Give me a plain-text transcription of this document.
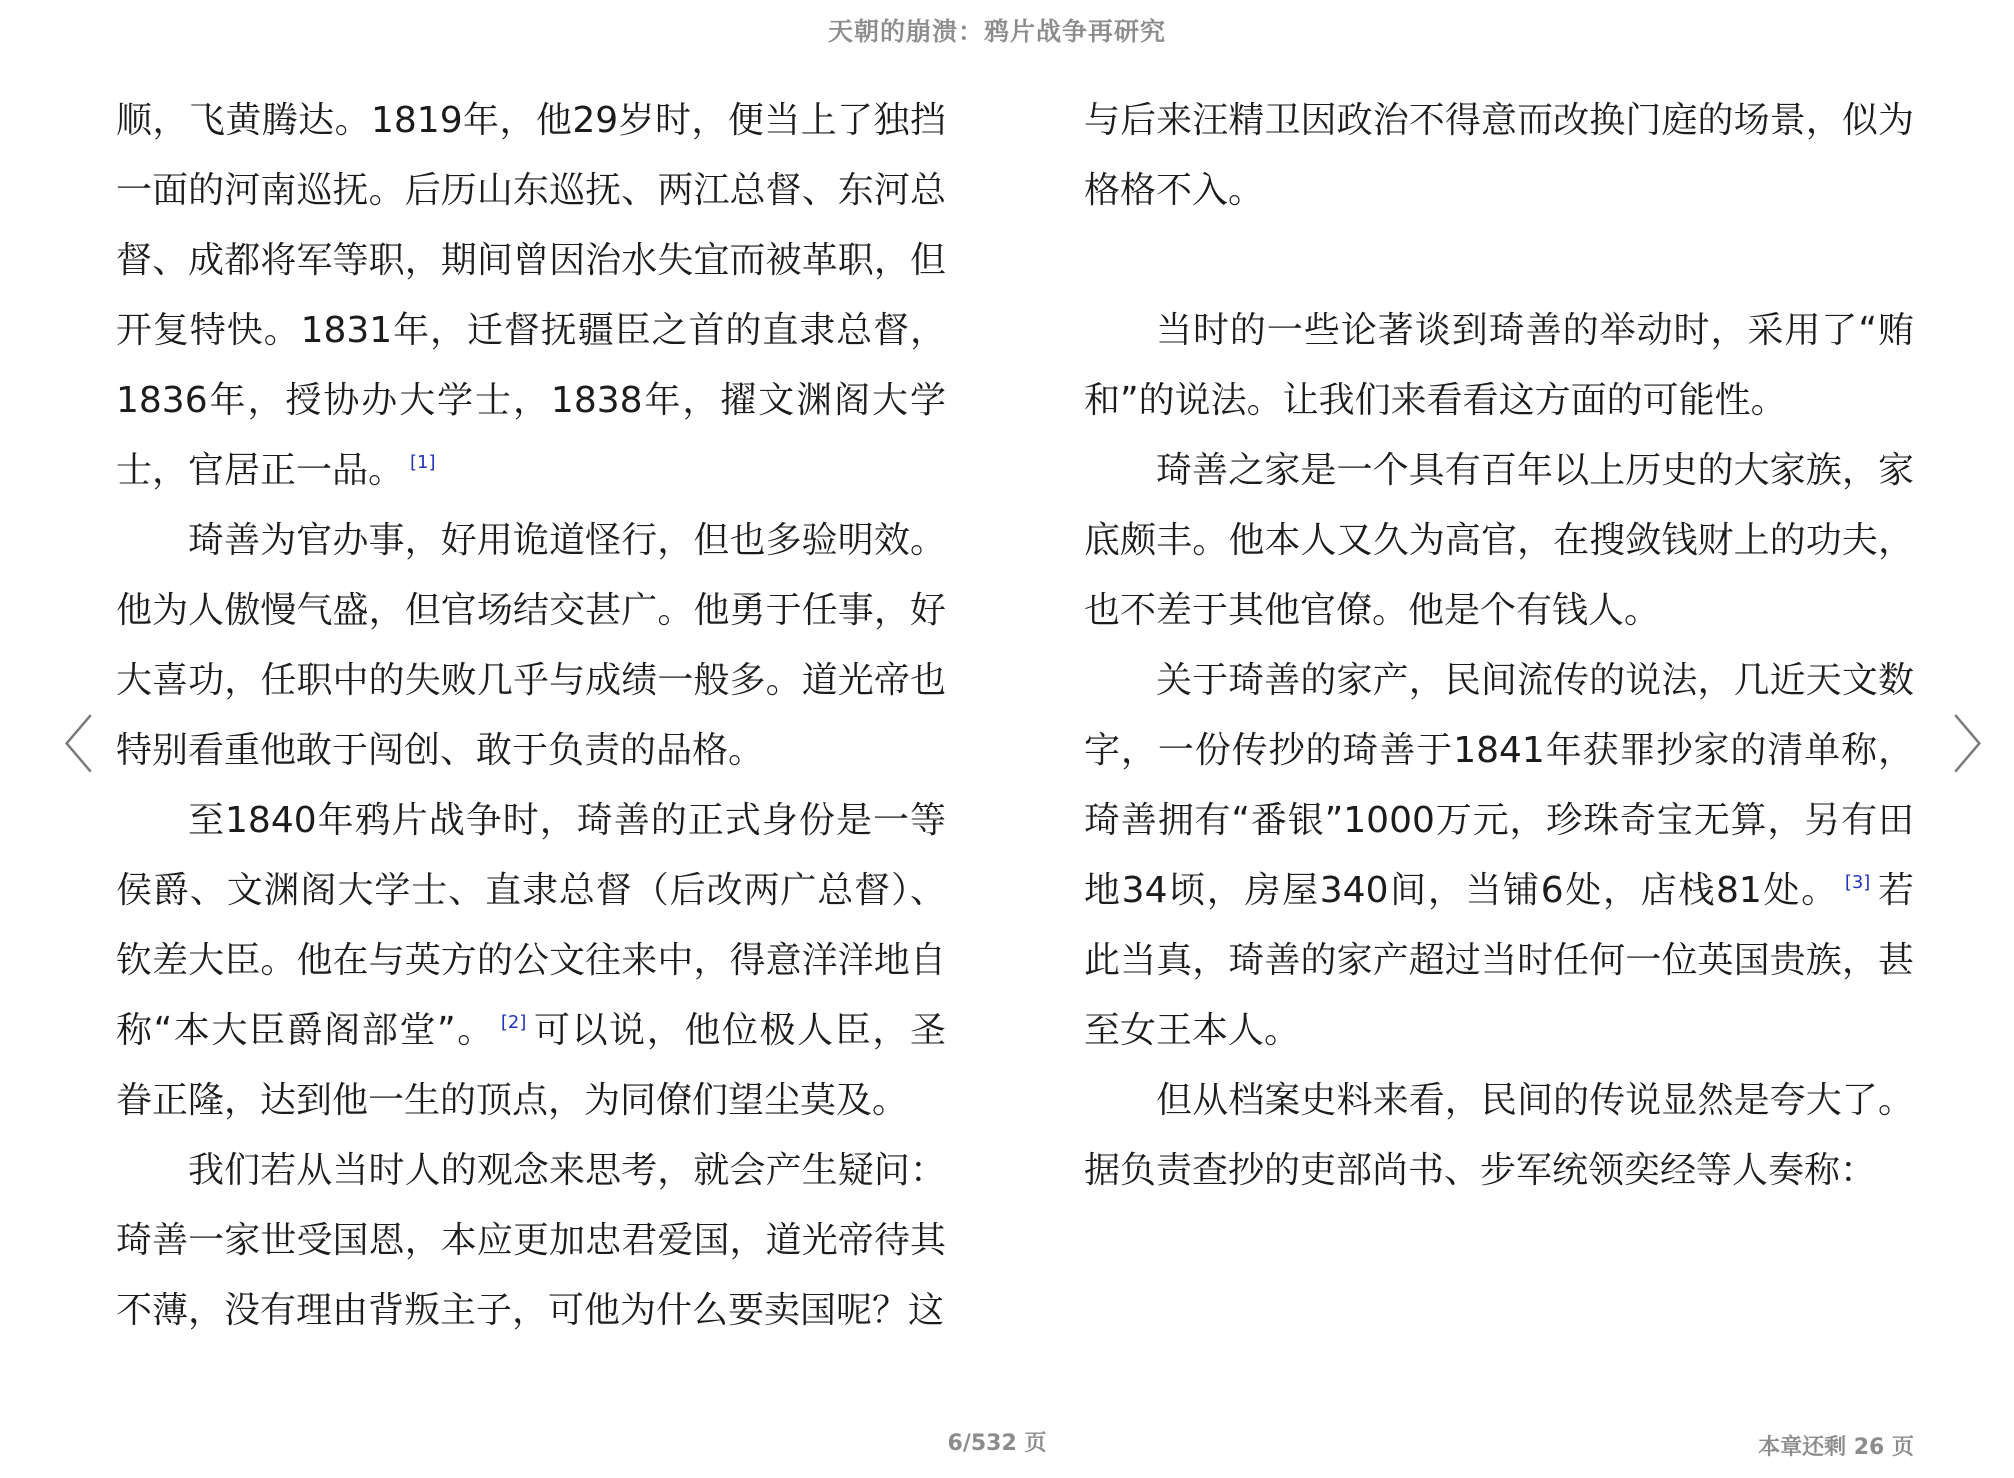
天朝的崩溃：鸦片战争再研究
〈	〉

顺，飞黄腾达。1819年，他29岁时，便当上了独挡一面的河南巡抚。后历山东巡抚、两江总督、东河总督、成都将军等职，期间曾因治水失宜而被革职，但开复特快。1831年，迁督抚疆臣之首的直隶总督，1836年，授协办大学士，1838年，擢文渊阁大学士，官居正一品。 [1]

琦善为官办事，好用诡道怪行，但也多验明效。他为人傲慢气盛，但官场结交甚广。他勇于任事，好大喜功，任职中的失败几乎与成绩一般多。道光帝也特别看重他敢于闯创、敢于负责的品格。

至1840年鸦片战争时，琦善的正式身份是一等侯爵、文渊阁大学士、直隶总督（后改两广总督）、钦差大臣。他在与英方的公文往来中，得意洋洋地自称“本大臣爵阁部堂”。 [2] 可以说，他位极人臣，圣眷正隆，达到他一生的顶点，为同僚们望尘莫及。

我们若从当时人的观念来思考，就会产生疑问：琦善一家世受国恩，本应更加忠君爱国，道光帝待其不薄，没有理由背叛主子，可他为什么要卖国呢？这

与后来汪精卫因政治不得意而改换门庭的场景，似为格格不入。

当时的一些论著谈到琦善的举动时，采用了“贿和”的说法。让我们来看看这方面的可能性。

琦善之家是一个具有百年以上历史的大家族，家底颇丰。他本人又久为高官，在搜敛钱财上的功夫，也不差于其他官僚。他是个有钱人。

关于琦善的家产，民间流传的说法，几近天文数字，一份传抄的琦善于1841年获罪抄家的清单称，琦善拥有“番银”1000万元，珍珠奇宝无算，另有田地34顷，房屋340间，当铺6处，店栈81处。 [3] 若此当真，琦善的家产超过当时任何一位英国贵族，甚至女王本人。

但从档案史料来看，民间的传说显然是夸大了。据负责查抄的吏部尚书、步军统领奕经等人奏称：

6/532 页	本章还剩 26 页
